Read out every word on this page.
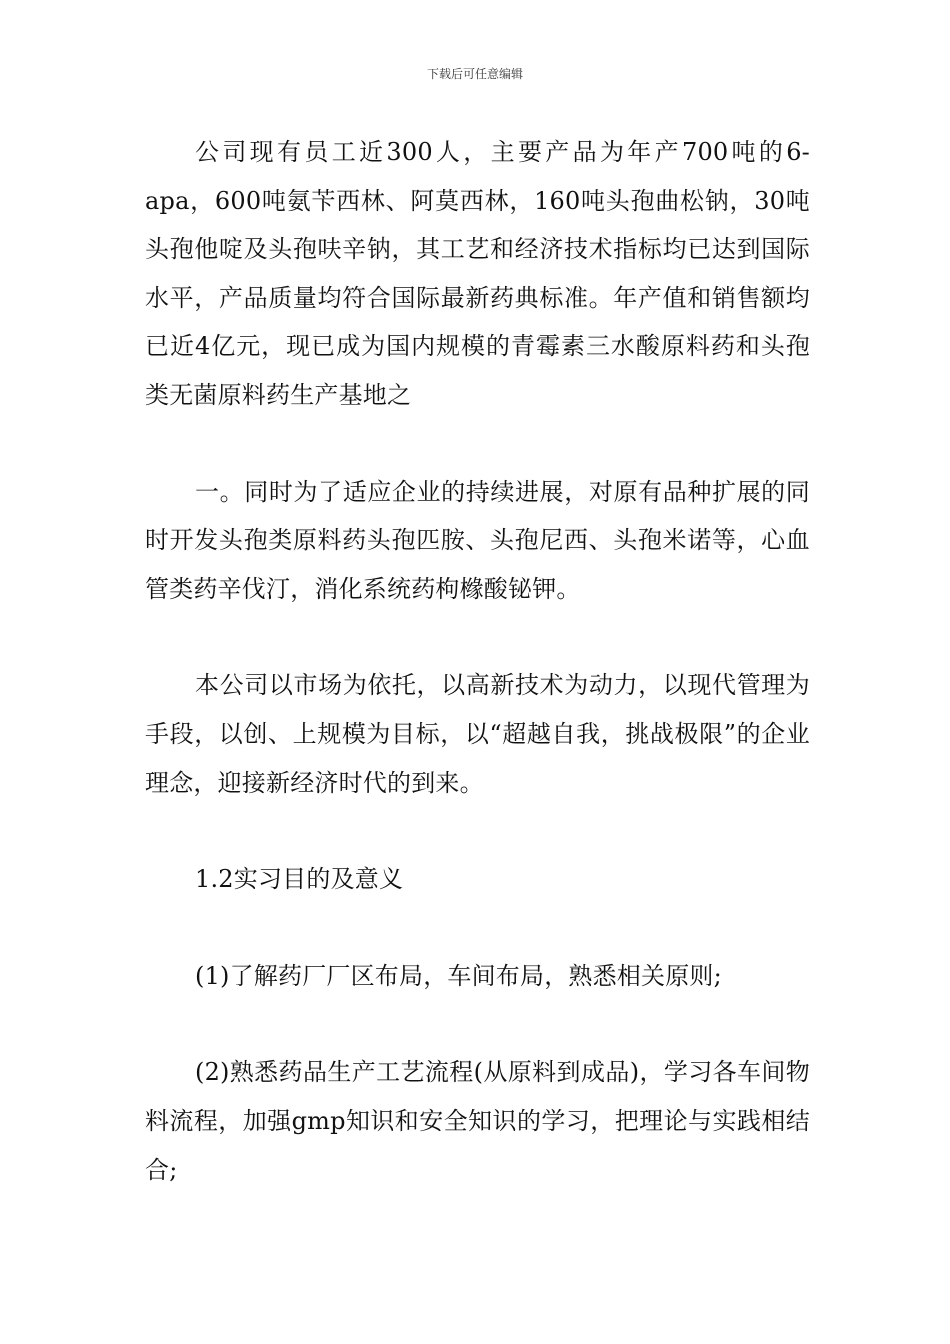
下载后可任意编辑

公司现有员工近300人，主要产品为年产700吨的6-apa，600吨氨苄西林、阿莫西林，160吨头孢曲松钠，30吨头孢他啶及头孢呋辛钠，其工艺和经济技术指标均已达到国际水平，产品质量均符合国际最新药典标准。年产值和销售额均已近4亿元，现已成为国内规模的青霉素三水酸原料药和头孢类无菌原料药生产基地之

一。同时为了适应企业的持续进展，对原有品种扩展的同时开发头孢类原料药头孢匹胺、头孢尼西、头孢米诺等，心血管类药辛伐汀，消化系统药枸橼酸铋钾。

本公司以市场为依托，以高新技术为动力，以现代管理为手段，以创、上规模为目标，以“超越自我，挑战极限”的企业理念，迎接新经济时代的到来。

1.2实习目的及意义

(1)了解药厂厂区布局，车间布局，熟悉相关原则;

(2)熟悉药品生产工艺流程(从原料到成品)，学习各车间物料流程，加强gmp知识和安全知识的学习，把理论与实践相结合;
